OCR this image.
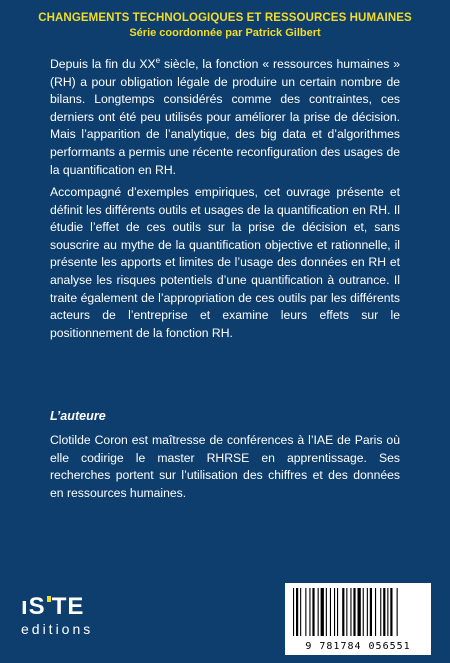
CHANGEMENTS TECHNOLOGIQUES ET RESSOURCES HUMAINES
Série coordonnée par Patrick Gilbert

Depuis la fin du XXe siècle, la fonction « ressources humaines » (RH) a pour obligation légale de produire un certain nombre de bilans. Longtemps considérés comme des contraintes, ces derniers ont été peu utilisés pour améliorer la prise de décision. Mais l’apparition de l’analytique, des big data et d’algorithmes performants a permis une récente reconfiguration des usages de la quantification en RH.

Accompagné d’exemples empiriques, cet ouvrage présente et définit les différents outils et usages de la quantification en RH. Il étudie l’effet de ces outils sur la prise de décision et, sans souscrire au mythe de la quantification objective et rationnelle, il présente les apports et limites de l’usage des données en RH et analyse les risques potentiels d’une quantification à outrance. Il traite également de l’appropriation de ces outils par les différents acteurs de l’entreprise et examine leurs effets sur le positionnement de la fonction RH.

L’auteure

Clotilde Coron est maîtresse de conférences à l’IAE de Paris où elle codirige le master RHRSE en apprentissage. Ses recherches portent sur l’utilisation des chiffres et des données en ressources humaines.

ıS TE
editions
9 781784 056551
